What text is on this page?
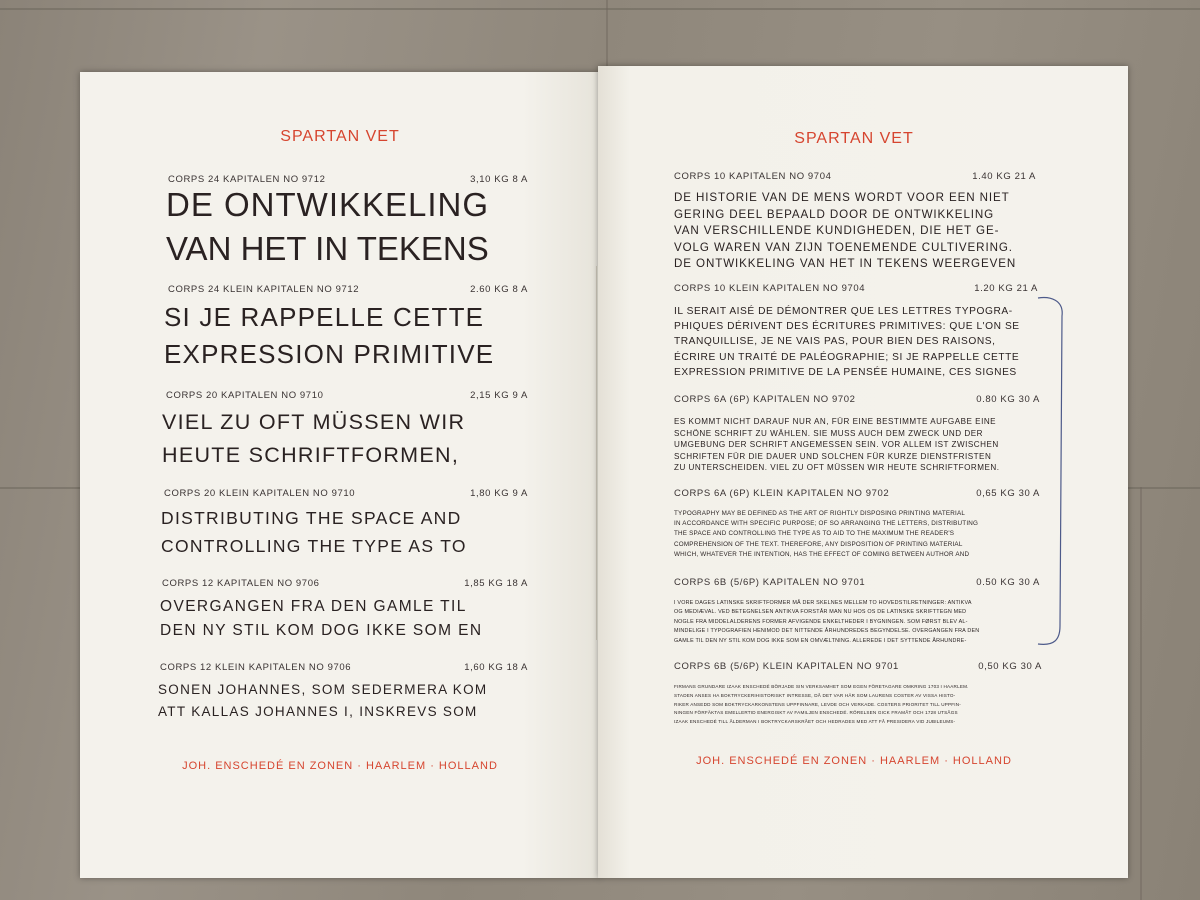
SPARTAN VET
CORPS 24 KAPITALEN NO 9712	3,10 KG 8 A
DE ONTWIKKELING
VAN HET IN TEKENS
CORPS 24 KLEIN KAPITALEN NO 9712	2.60 KG 8 A
SI JE RAPPELLE CETTE
EXPRESSION PRIMITIVE
CORPS 20 KAPITALEN NO 9710	2,15 KG 9 A
VIEL ZU OFT MÜSSEN WIR
HEUTE SCHRIFTFORMEN,
CORPS 20 KLEIN KAPITALEN NO 9710	1,80 KG 9 A
DISTRIBUTING THE SPACE AND
CONTROLLING THE TYPE AS TO
CORPS 12 KAPITALEN NO 9706	1,85 KG 18 A
OVERGANGEN FRA DEN GAMLE TIL
DEN NY STIL KOM DOG IKKE SOM EN
CORPS 12 KLEIN KAPITALEN NO 9706	1,60 KG 18 A
SONEN JOHANNES, SOM SEDERMERA KOM
ATT KALLAS JOHANNES I, INSKREVS SOM
JOH. ENSCHEDÉ EN ZONEN · HAARLEM · HOLLAND
SPARTAN VET
CORPS 10 KAPITALEN NO 9704	1.40 KG 21 A
DE HISTORIE VAN DE MENS WORDT VOOR EEN NIET
GERING DEEL BEPAALD DOOR DE ONTWIKKELING
VAN VERSCHILLENDE KUNDIGHEDEN, DIE HET GE-
VOLG WAREN VAN ZIJN TOENEMENDE CULTIVERING.
DE ONTWIKKELING VAN HET IN TEKENS WEERGEVEN
CORPS 10 KLEIN KAPITALEN NO 9704	1.20 KG 21 A
IL SERAIT AISÉ DE DÉMONTRER QUE LES LETTRES TYPOGRA-
PHIQUES DÉRIVENT DES ÉCRITURES PRIMITIVES: QUE L'ON SE
TRANQUILLISE, JE NE VAIS PAS, POUR BIEN DES RAISONS,
ÉCRIRE UN TRAITÉ DE PALÉOGRAPHIE; SI JE RAPPELLE CETTE
EXPRESSION PRIMITIVE DE LA PENSÉE HUMAINE, CES SIGNES
CORPS 6A (6P) KAPITALEN NO 9702	0.80 KG 30 A
ES KOMMT NICHT DARAUF NUR AN, FÜR EINE BESTIMMTE AUFGABE EINE
SCHÖNE SCHRIFT ZU WÄHLEN. SIE MUSS AUCH DEM ZWECK UND DER
UMGEBUNG DER SCHRIFT ANGEMESSEN SEIN. VOR ALLEM IST ZWISCHEN
SCHRIFTEN FÜR DIE DAUER UND SOLCHEN FÜR KURZE DIENSTFRISTEN
ZU UNTERSCHEIDEN. VIEL ZU OFT MÜSSEN WIR HEUTE SCHRIFTFORMEN.
CORPS 6A (6P) KLEIN KAPITALEN NO 9702	0,65 KG 30 A
TYPOGRAPHY MAY BE DEFINED AS THE ART OF RIGHTLY DISPOSING PRINTING MATERIAL
IN ACCORDANCE WITH SPECIFIC PURPOSE; OF SO ARRANGING THE LETTERS, DISTRIBUTING
THE SPACE AND CONTROLLING THE TYPE AS TO AID TO THE MAXIMUM THE READER'S
COMPREHENSION OF THE TEXT. THEREFORE, ANY DISPOSITION OF PRINTING MATERIAL
WHICH, WHATEVER THE INTENTION, HAS THE EFFECT OF COMING BETWEEN AUTHOR AND
CORPS 6B (5/6P) KAPITALEN NO 9701	0.50 KG 30 A
I VORE DAGES LATINSKE SKRIFTFORMER MÅ DER SKELNES MELLEM TO HOVEDSTILRETNINGER: ANTIKVA
OG MEDIÆVAL. VED BETEGNELSEN ANTIKVA FORSTÅR MAN NU HOS OS DE LATINSKE SKRIFTTEGN MED
NOGLE FRA MIDDELALDERENS FORMER AFVIGENDE ENKELTHEDER I BYGNINGEN. SOM FØRST BLEV AL-
MINDELIGE I TYPOGRAFIEN HENIMOD DET NITTENDE ÅRHUNDREDES BEGYNDELSE. OVERGANGEN FRA DEN
GAMLE TIL DEN NY STIL KOM DOG IKKE SOM EN OMVÆLTNING. ALLEREDE I DET SYTTENDE ÅRHUNDRE-
CORPS 6B (5/6P) KLEIN KAPITALEN NO 9701	0,50 KG 30 A
FIRMANS GRUNDARE IZAAK ENSCHEDÉ BÖRJADE SIN VERKSAMHET SOM EGEN FÖRETAGARE OMKRING 1703 I HAARLEM.
STADEN ANSES HA BOKTRYCKERIHISTORISKT INTRESSE, DÅ DET VAR HÄR SOM LAURENS COSTER AV VISSA HISTO-
RIKER ANSEDD SOM BOKTRYCKARKONSTENS UPPFINNARE, LEVDE OCH VERKADE. COSTERS PRIORITET TILL UPPFIN-
NINGEN FÖRFÄKTAS EMELLERTID ENERGISKT AV FAMILJEN ENSCHEDÉ. RÖRELSEN GICK FRAMÅT OCH 1728 UTSÅGS
IZAAK ENSCHEDÉ TILL ÅLDERMAN I BOKTRYCKARSKRÅET OCH HEDRADES MED ATT FÅ PRESIDERA VID JUBILEUMS-
JOH. ENSCHEDÉ EN ZONEN · HAARLEM · HOLLAND
